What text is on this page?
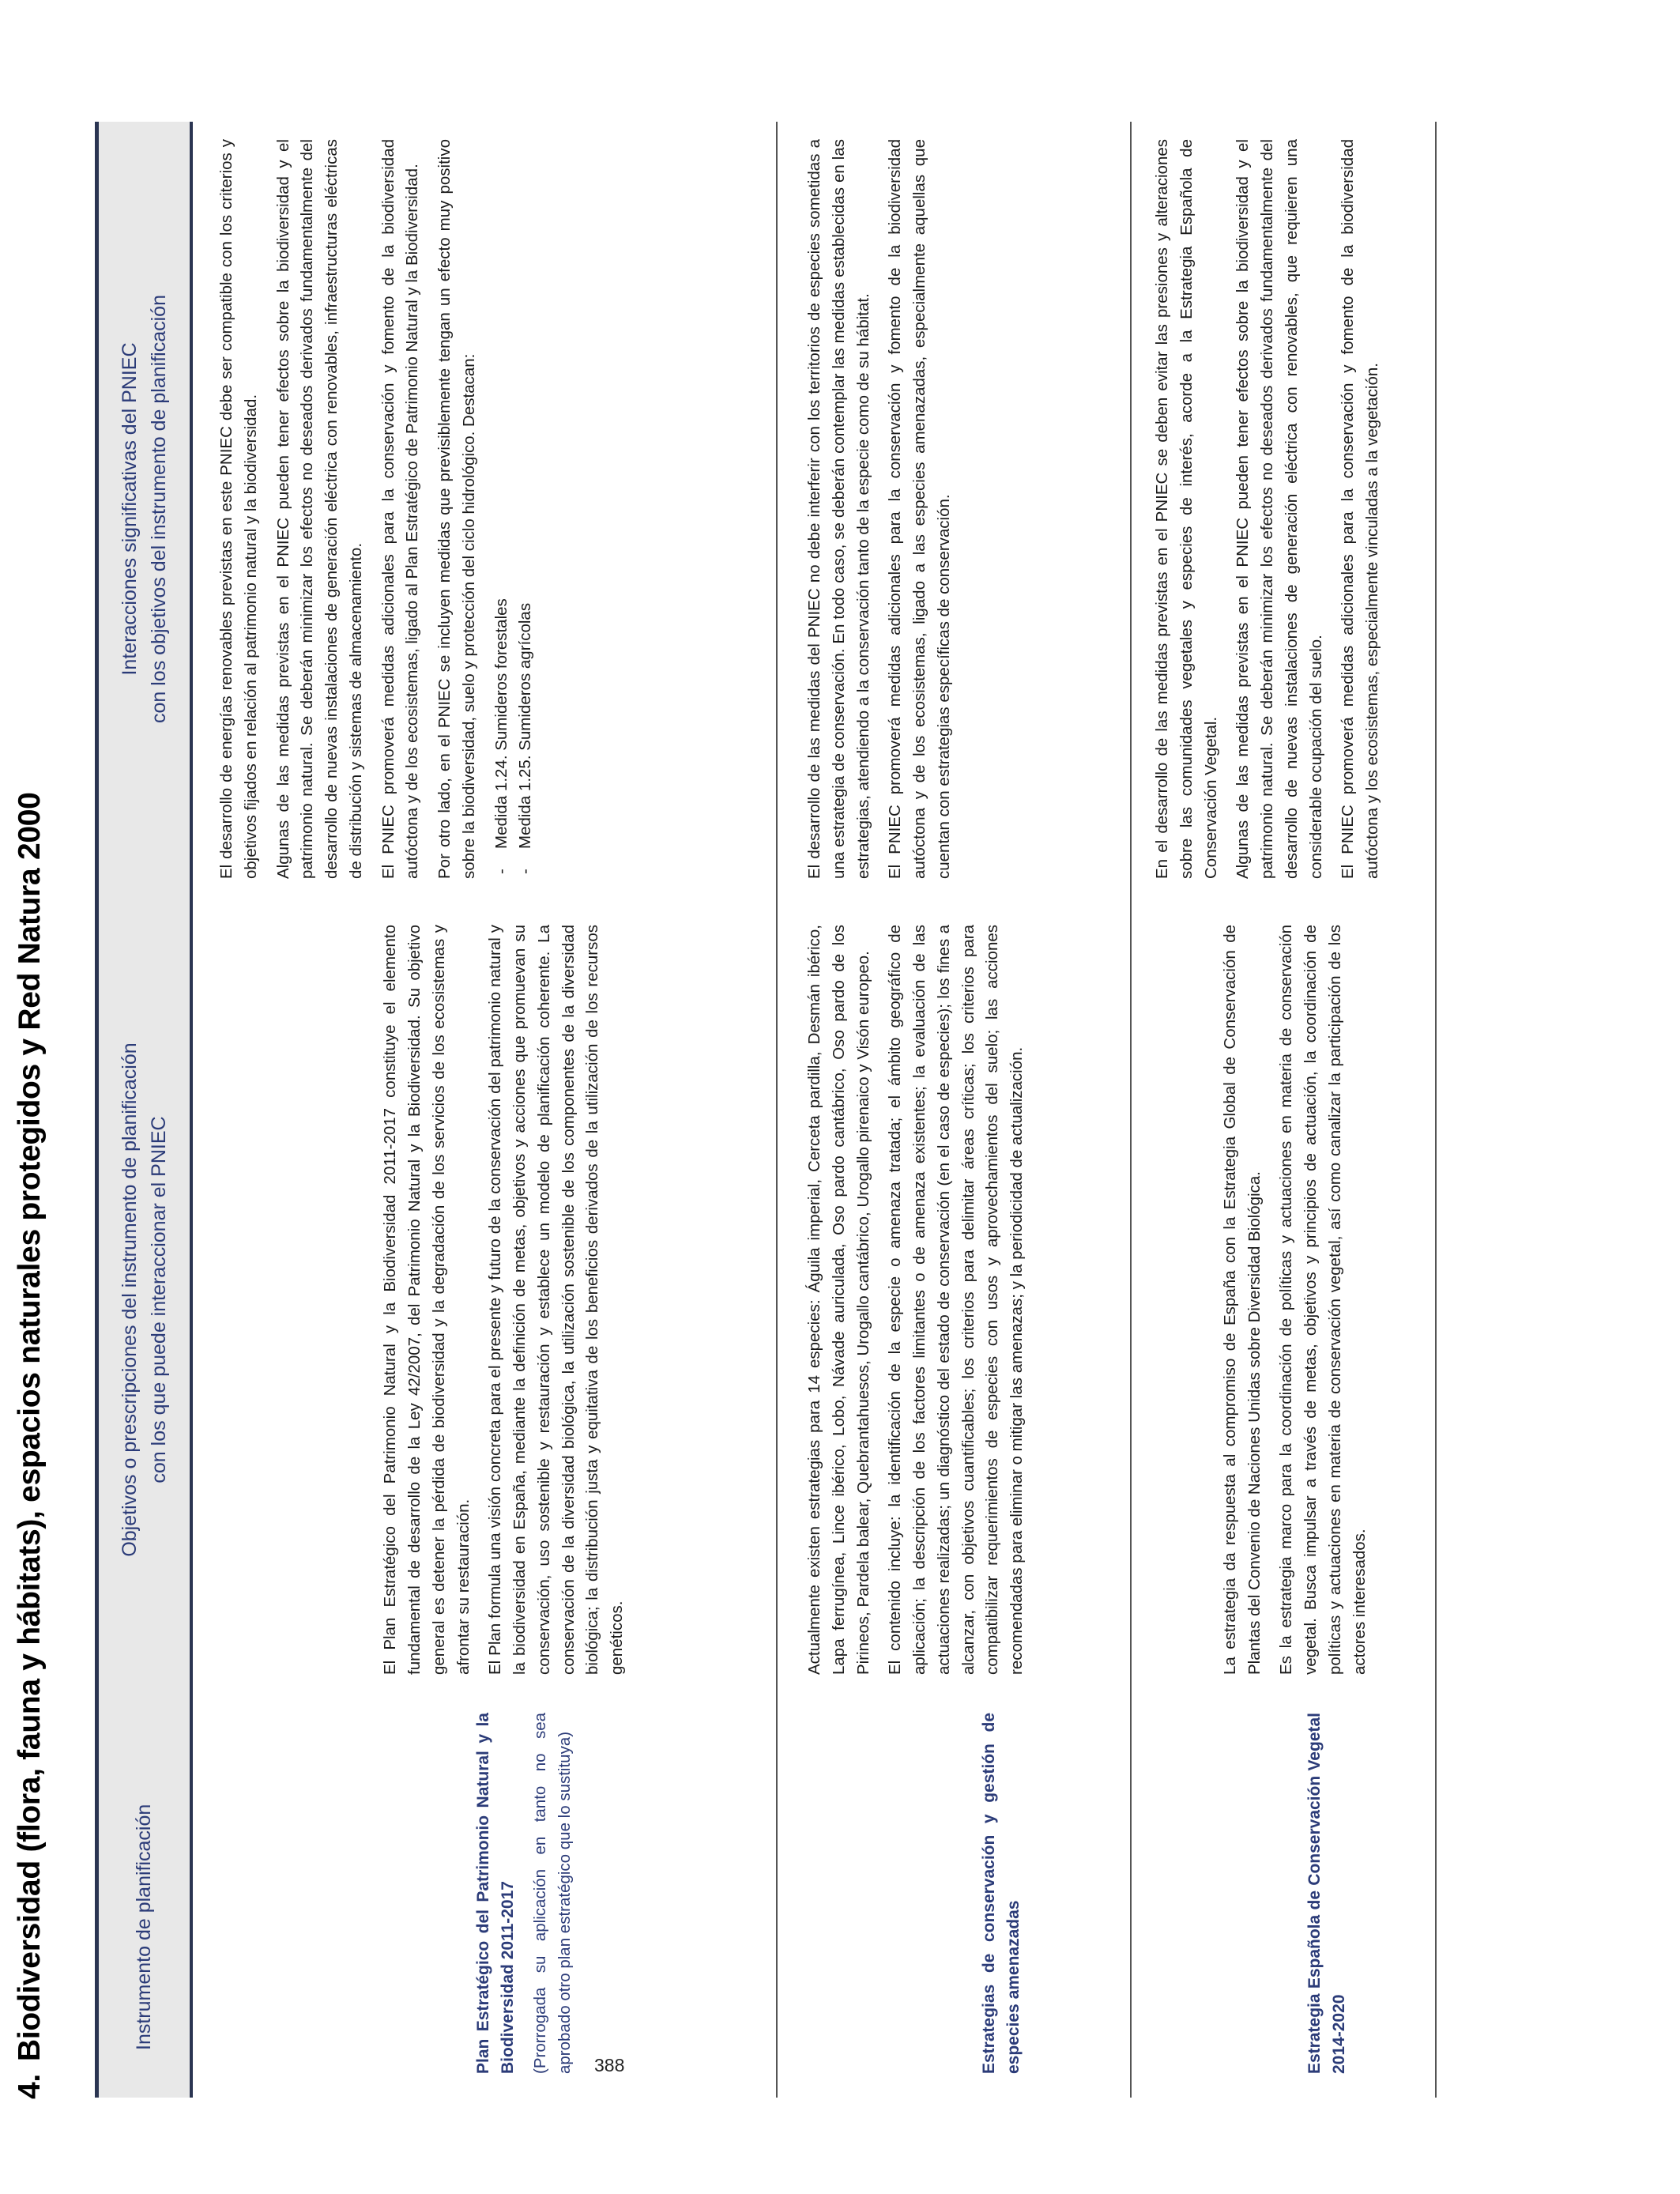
4.Biodiversidad (flora, fauna y hábitats), espacios naturales protegidos y Red Natura 2000	Instrumento de planificación
Objetivos o prescripciones del instrumento de planificación con los que puede interaccionar el PNIEC
Interacciones significativas del PNIEC con los objetivos del instrumento de planificación
Plan Estratégico del Patrimonio Natural y la Biodiversidad 2011-2017 (Prorrogada su aplicación en tanto no sea aprobado otro plan estratégico que lo sustituya)

El Plan Estratégico del Patrimonio Natural y la Biodiversidad 2011-2017 constituye el elemento fundamental de desarrollo de la Ley 42/2007, del Patrimonio Natural y la Biodiversidad. Su objetivo general es detener la pérdida de biodiversidad y la degradación de los servicios de los ecosistemas y afrontar su restauración. El Plan formula una visión concreta para el presente y futuro de la conservación del patrimonio natural y la biodiversidad en España, mediante la definición de metas, objetivos y acciones que promuevan su conservación, uso sostenible y restauración y establece un modelo de planificación coherente. La conservación de la diversidad biológica, la utilización sostenible de los componentes de la diversidad biológica; la distribución justa y equitativa de los beneficios derivados de la utilización de los recursos genéticos.

El desarrollo de energías renovables previstas en este PNIEC debe ser compatible con los criterios y objetivos fijados en relación al patrimonio natural y la biodiversidad. Algunas de las medidas previstas en el PNIEC pueden tener efectos sobre la biodiversidad y el patrimonio natural. Se deberán minimizar los efectos no deseados derivados fundamentalmente del desarrollo de nuevas instalaciones de generación eléctrica con renovables, infraestructuras eléctricas de distribución y sistemas de almacenamiento. El PNIEC promoverá medidas adicionales para la conservación y fomento de la biodiversidad autóctona y de los ecosistemas, ligado al Plan Estratégico de Patrimonio Natural y la Biodiversidad. Por otro lado, en el PNIEC se incluyen medidas que previsiblemente tengan un efecto muy positivo sobre la biodiversidad, suelo y protección del ciclo hidrológico. Destacan: - Medida 1.24. Sumideros forestales - Medida 1.25. Sumideros agrícolas
Estrategias de conservación y gestión de especies amenazadas

Actualmente existen estrategias para 14 especies: Águila imperial, Cerceta pardilla, Desmán ibérico, Lapa ferrugínea, Lince ibérico, Lobo, Návade auriculada, Oso pardo cantábrico, Oso pardo de los Pirineos, Pardela balear, Quebrantahuesos, Urogallo cantábrico, Urogallo pirenaico y Visón europeo. El contenido incluye: la identificación de la especie o amenaza tratada; el ámbito geográfico de aplicación; la descripción de los factores limitantes o de amenaza existentes; la evaluación de las actuaciones realizadas; un diagnóstico del estado de conservación (en el caso de especies); los fines a alcanzar, con objetivos cuantificables; los criterios para delimitar áreas críticas; los criterios para compatibilizar requerimientos de especies con usos y aprovechamientos del suelo; las acciones recomendadas para eliminar o mitigar las amenazas; y la periodicidad de actualización.

El desarrollo de las medidas del PNIEC no debe interferir con los territorios de especies sometidas a una estrategia de conservación. En todo caso, se deberán contemplar las medidas establecidas en las estrategias, atendiendo a la conservación tanto de la especie como de su hábitat. El PNIEC promoverá medidas adicionales para la conservación y fomento de la biodiversidad autóctona y de los ecosistemas, ligado a las especies amenazadas, especialmente aquellas que cuentan con estrategias específicas de conservación.

Estrategia Española de Conservación Vegetal 2014-2020

La estrategia da respuesta al compromiso de España con la Estrategia Global de Conservación de Plantas del Convenio de Naciones Unidas sobre Diversidad Biológica. Es la estrategia marco para la coordinación de políticas y actuaciones en materia de conservación vegetal. Busca impulsar a través de metas, objetivos y principios de actuación, la coordinación de políticas y actuaciones en materia de conservación vegetal, así como canalizar la participación de los actores interesados.

En el desarrollo de las medidas previstas en el PNIEC se deben evitar las presiones y alteraciones sobre las comunidades vegetales y especies de interés, acorde a la Estrategia Española de Conservación Vegetal. Algunas de las medidas previstas en el PNIEC pueden tener efectos sobre la biodiversidad y el patrimonio natural. Se deberán minimizar los efectos no deseados derivados fundamentalmente del desarrollo de nuevas instalaciones de generación eléctrica con renovables, que requieren una considerable ocupación del suelo. El PNIEC promoverá medidas adicionales para la conservación y fomento de la biodiversidad autóctona y los ecosistemas, especialmente vinculadas a la vegetación.

388
